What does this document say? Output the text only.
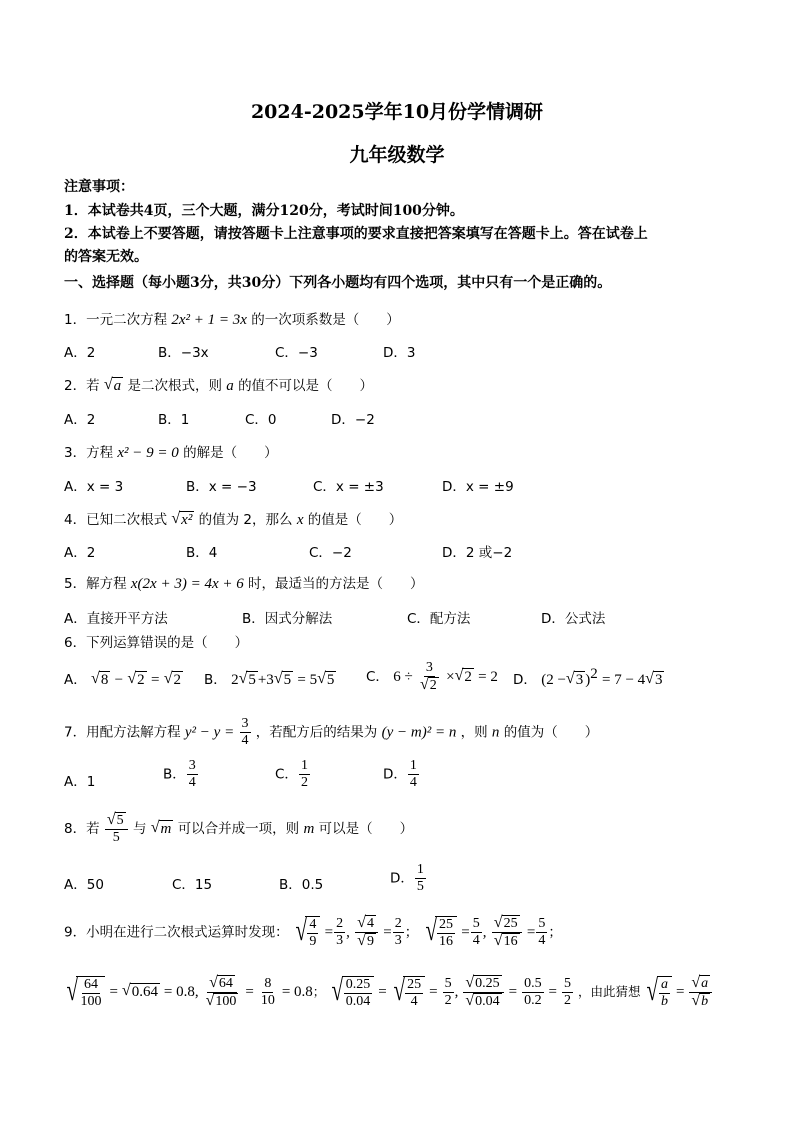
2024-2025学年10月份学情调研
九年级数学
注意事项：
1．本试卷共4页，三个大题，满分120分，考试时间100分钟。
2．本试卷上不要答题，请按答题卡上注意事项的要求直接把答案填写在答题卡上。答在试卷上
的答案无效。
一、选择题（每小题3分，共30分）下列各小题均有四个选项，其中只有一个是正确的。
1．一元二次方程 2x² + 1 = 3x 的一次项系数是（　　）
A．2	B．−3x	C．−3	D．3
2．若 √ a 是二次根式，则 a 的值不可以是（　　）
A．2	B．1	C．0	D．−2
3．方程 x² − 9 = 0 的解是（　　）
A．x = 3	B．x = −3	C．x = ±3	D．x = ±9
4．已知二次根式 √ x² 的值为 2，那么 x 的值是（　　）
A．2	B．4	C．−2	D．2 或−2
5．解方程 x(2x + 3) = 4x + 6 时，最适当的方法是（　　）
A．直接开平方法	B．因式分解法	C．配方法	D．公式法
6．下列运算错误的是（　　）
A． √ 8 − √ 2 = √ 2 B． 2 √ 5 +3 √ 5 = 5 √ 5 C． $6 \div \frac{3}{√ 2}$ × √ 2 = 2 D． (2 − √ 3 )$^2$ = 7 − 4 √ 3
7．用配方法解方程 $y^2 - y = \frac{3}{4}$ ，若配方后的结果为 (y − m)² = n ，则 n 的值为（　　）
A．1	B． $\frac{3}{4}$	C． $\frac{1}{2}$	D． $\frac{1}{4}$
8．若 $\frac{√ 5}{5}$ 与 √ m 可以合并成一项，则 m 可以是（　　）
A．50	C．15	B．0.5	D． $\frac{1}{5}$
9．小明在进行二次根式运算时发现： √ $\frac{4}{9} = \frac{2}{3}$ , $\frac{√ 4}{√ 9} = \frac{2}{3}$ ； √ $\frac{25}{16} = \frac{5}{4}$ , $\frac{√ 25}{√ 16} = \frac{5}{4}$ ；
√ $\frac{64}{100}$ = √ 0.64 = 0.8, $\frac{√ 64}{√ 100} = \frac{8}{10} = 0.8$； √ $\frac{0.25}{0.04}$ = √ $\frac{25}{4} = \frac{5}{2}$ , $\frac{√ 0.25}{√ 0.04} = \frac{0.5}{0.2} = \frac{5}{2}$ ，由此猜想 √ $\frac{a}{b} = \frac{√ a}{√ b}$
